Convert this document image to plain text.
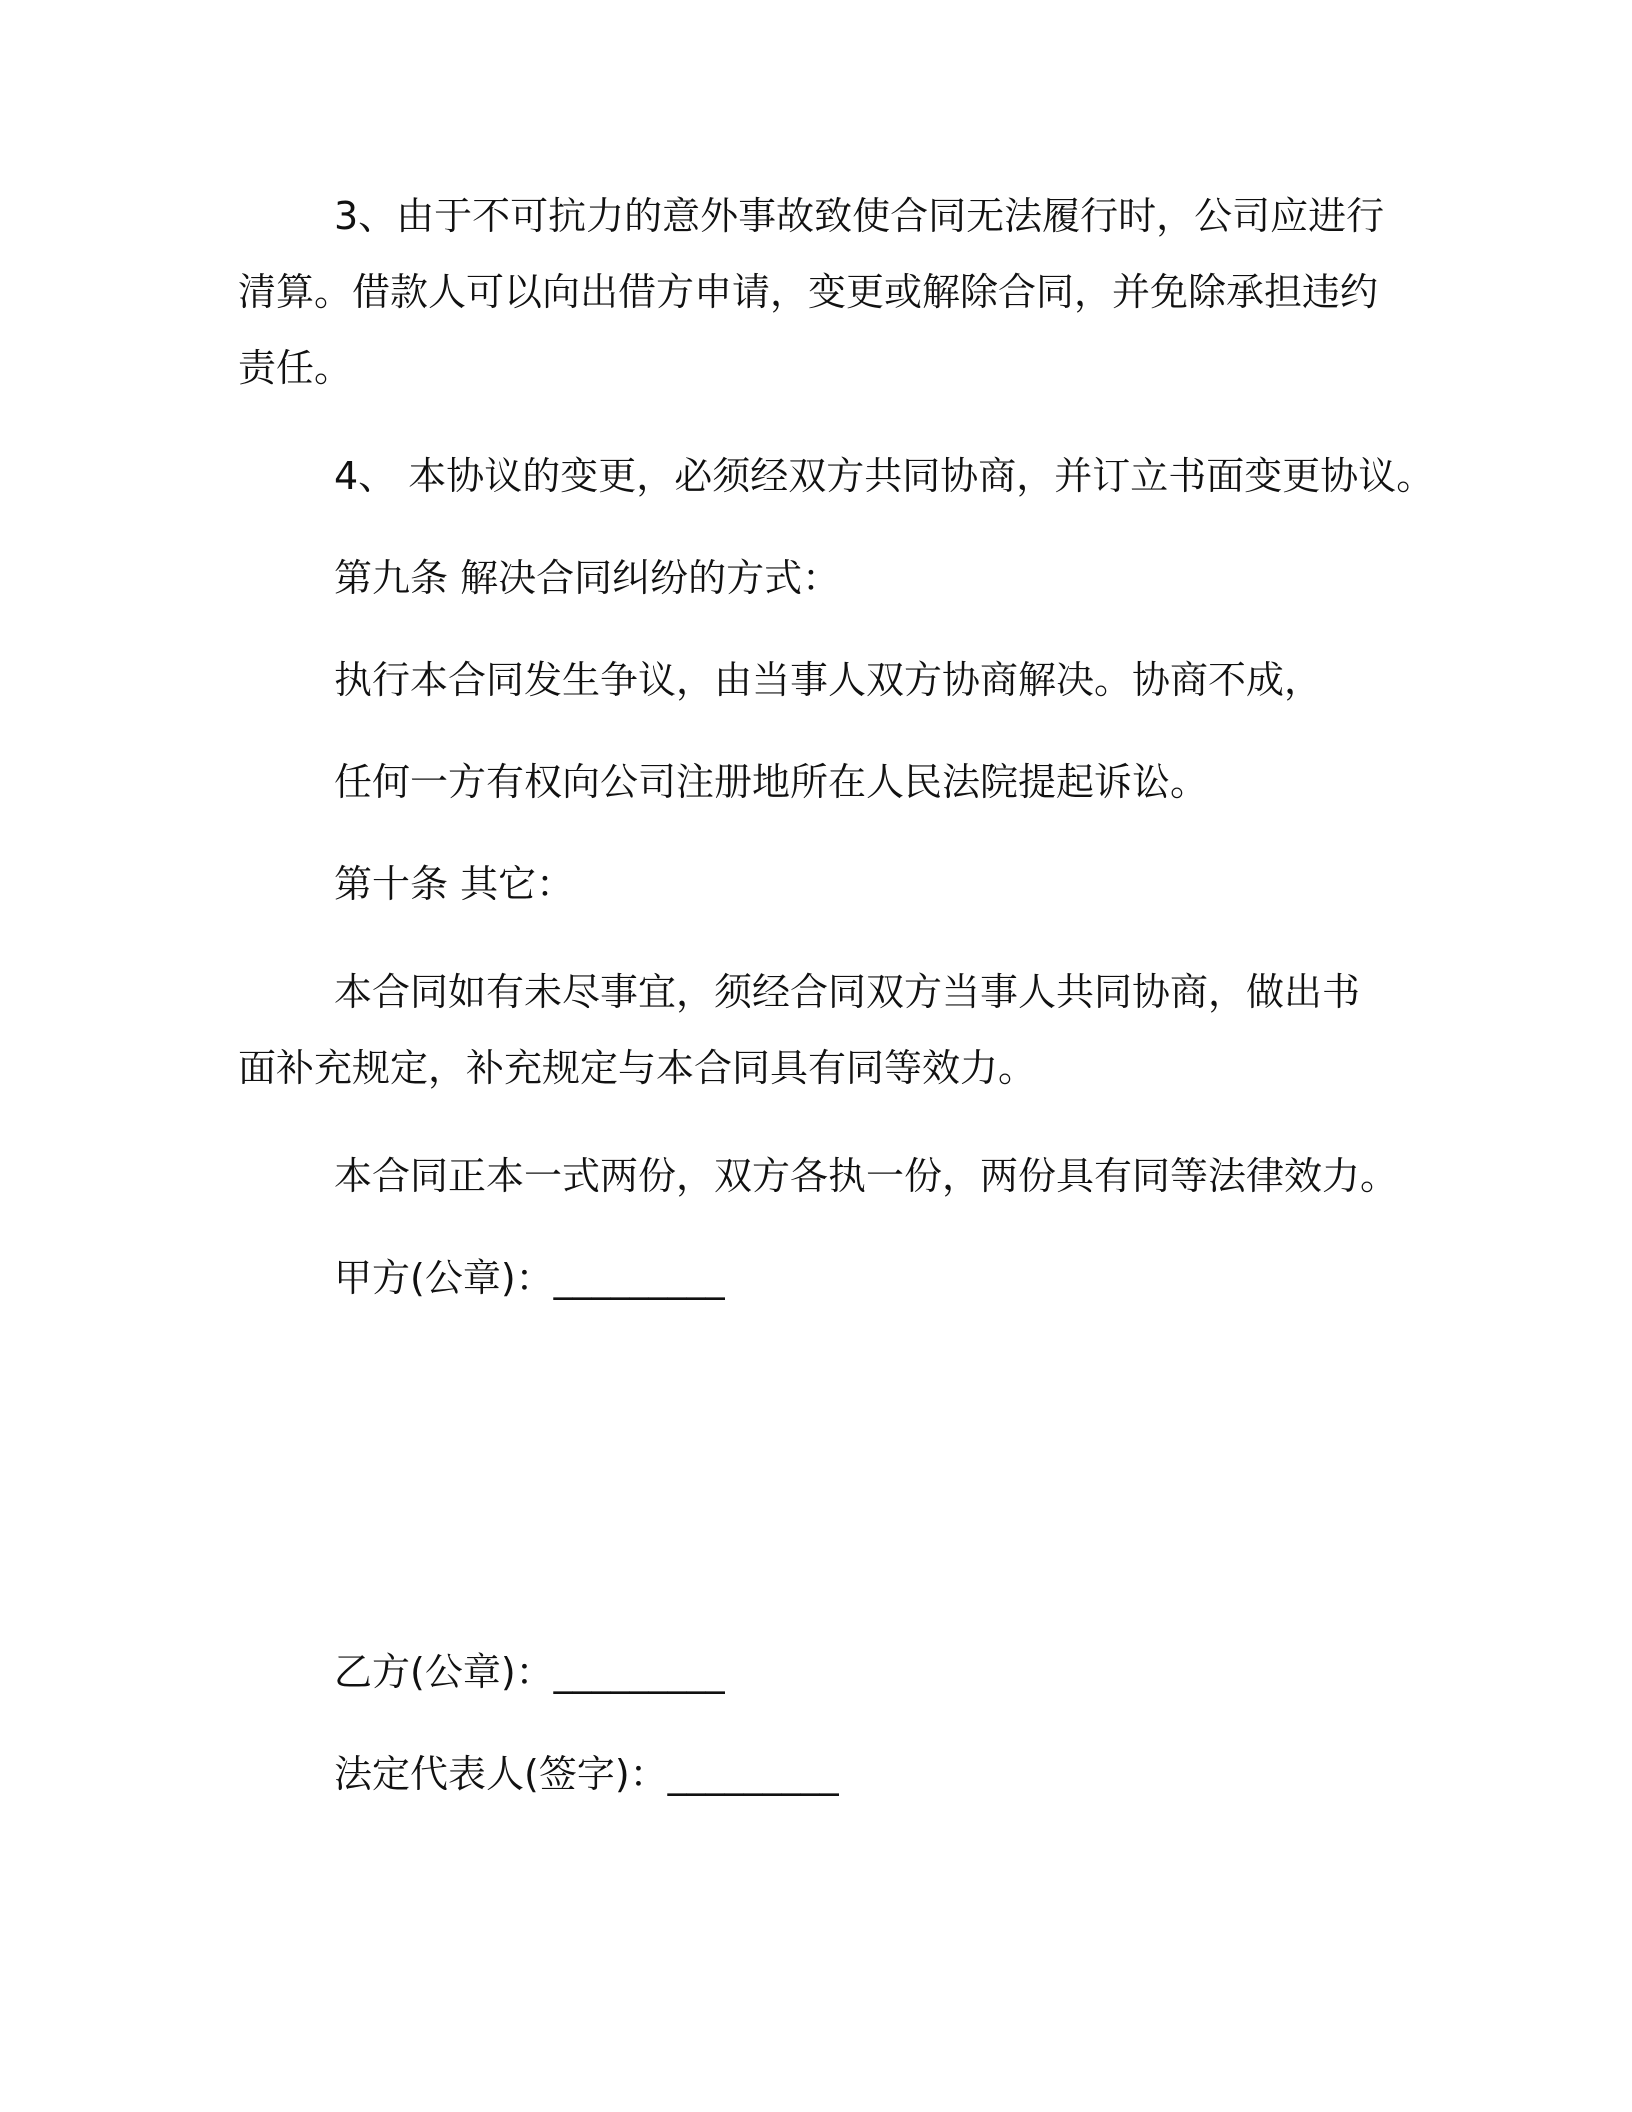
3、由于不可抗力的意外事故致使合同无法履行时，公司应进行清算。借款人可以向出借方申请，变更或解除合同，并免除承担违约责任。

4、 本协议的变更，必须经双方共同协商，并订立书面变更协议。

第九条 解决合同纠纷的方式：

执行本合同发生争议，由当事人双方协商解决。协商不成，

任何一方有权向公司注册地所在人民法院提起诉讼。

第十条 其它：

本合同如有未尽事宜，须经合同双方当事人共同协商，做出书面补充规定，补充规定与本合同具有同等效力。

本合同正本一式两份，双方各执一份，两份具有同等法律效力。

甲方(公章)：_________

乙方(公章)：_________

法定代表人(签字)：_________
